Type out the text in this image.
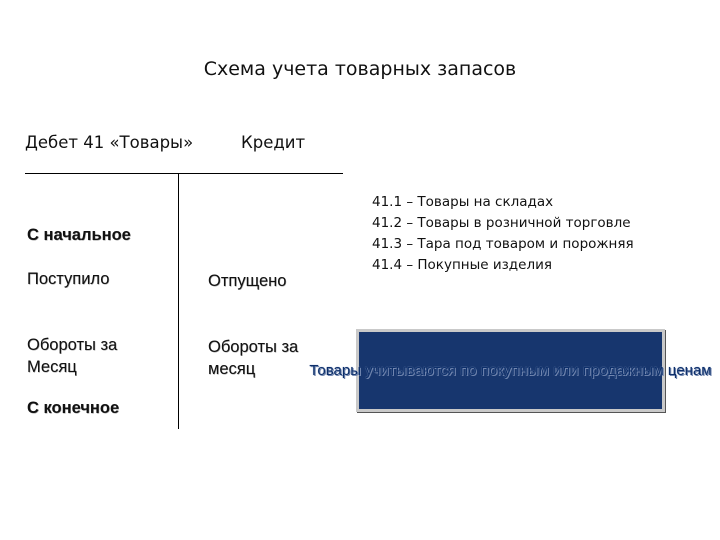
Схема учета товарных запасов
Дебет 41 «Товары»	Кредит
С начальное
Поступило
Обороты за Месяц
С конечное
Отпущено
Обороты за месяц
41.1 – Товары на складах
41.2 – Товары в розничной торговле
41.3 – Тара под товаром и порожняя
41.4 – Покупные изделия
Товары учитываются по покупным или продажным ценам
